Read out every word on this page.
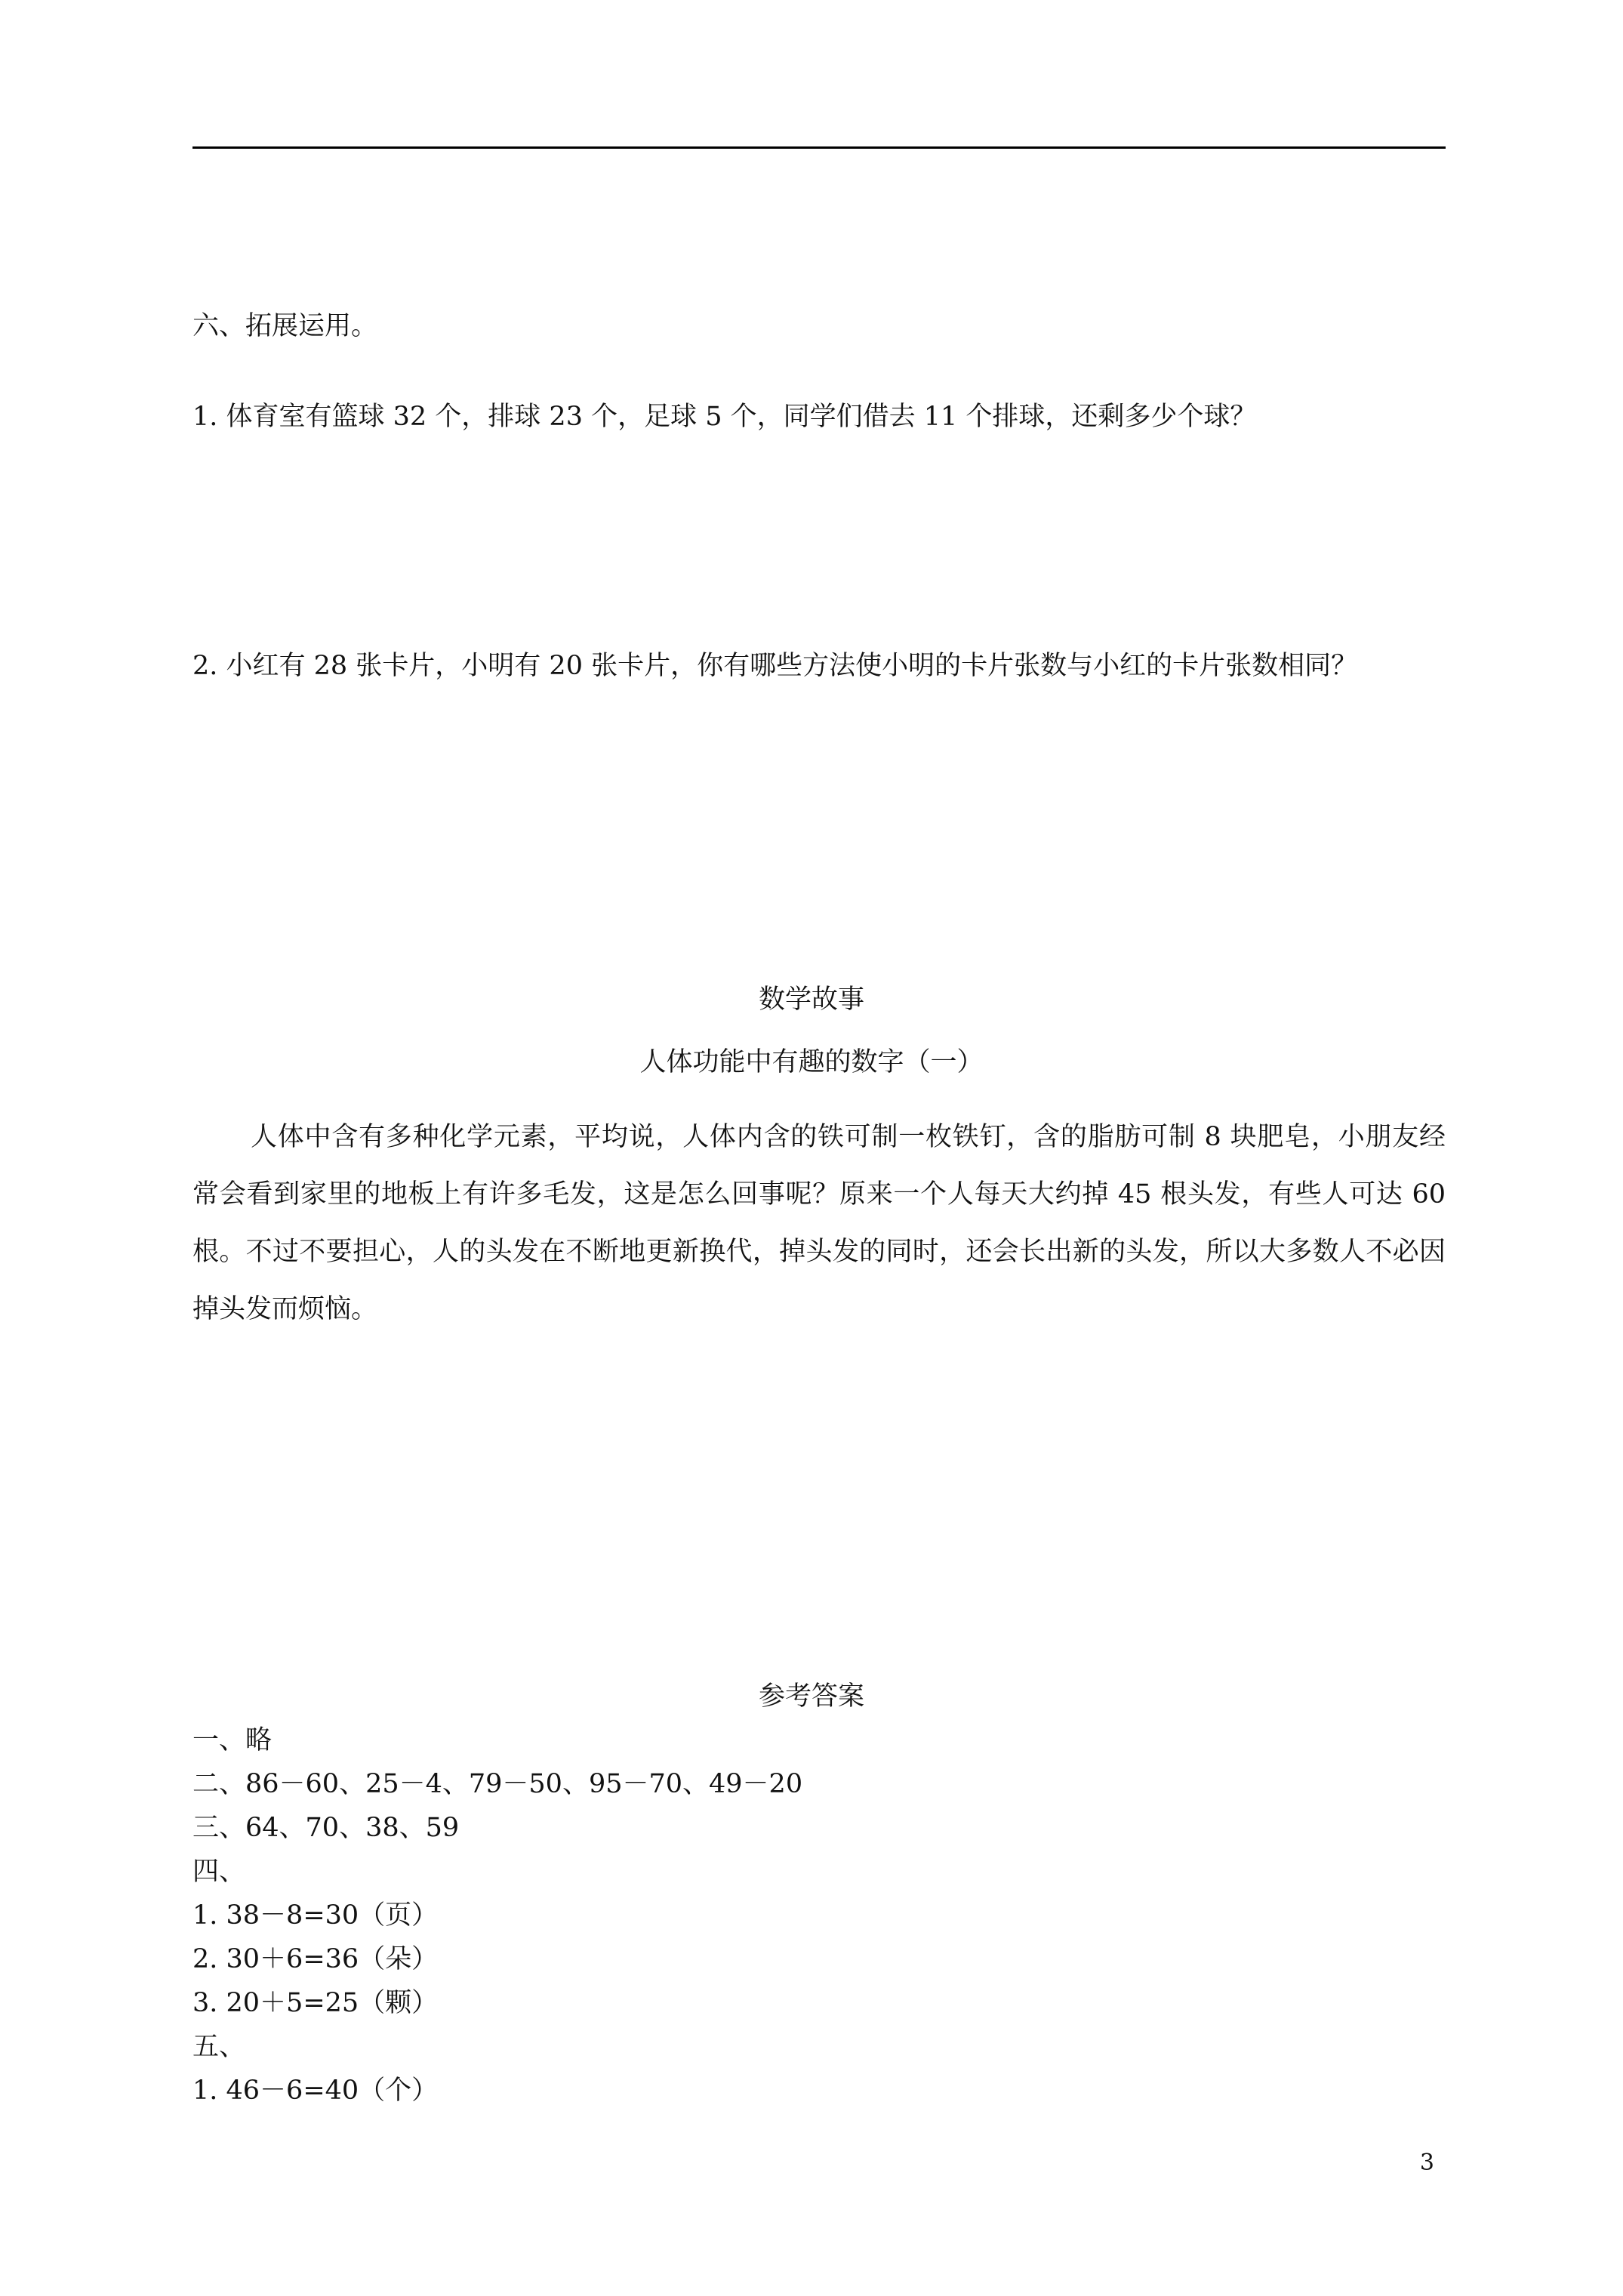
六、拓展运用。
1. 体育室有篮球 32 个，排球 23 个，足球 5 个，同学们借去 11 个排球，还剩多少个球？
2. 小红有 28 张卡片，小明有 20 张卡片，你有哪些方法使小明的卡片张数与小红的卡片张数相同？
数学故事
人体功能中有趣的数字（一）
人体中含有多种化学元素，平均说，人体内含的铁可制一枚铁钉，含的脂肪可制 8 块肥皂，小朋友经常会看到家里的地板上有许多毛发，这是怎么回事呢？原来一个人每天大约掉 45 根头发，有些人可达 60 根。不过不要担心，人的头发在不断地更新换代，掉头发的同时，还会长出新的头发，所以大多数人不必因掉头发而烦恼。
参考答案
一、略
二、86－60、25－4、79－50、95－70、49－20
三、64、70、38、59
四、
1. 38－8=30（页）
2. 30＋6=36（朵）
3. 20＋5=25（颗）
五、
1. 46－6=40（个）
3
